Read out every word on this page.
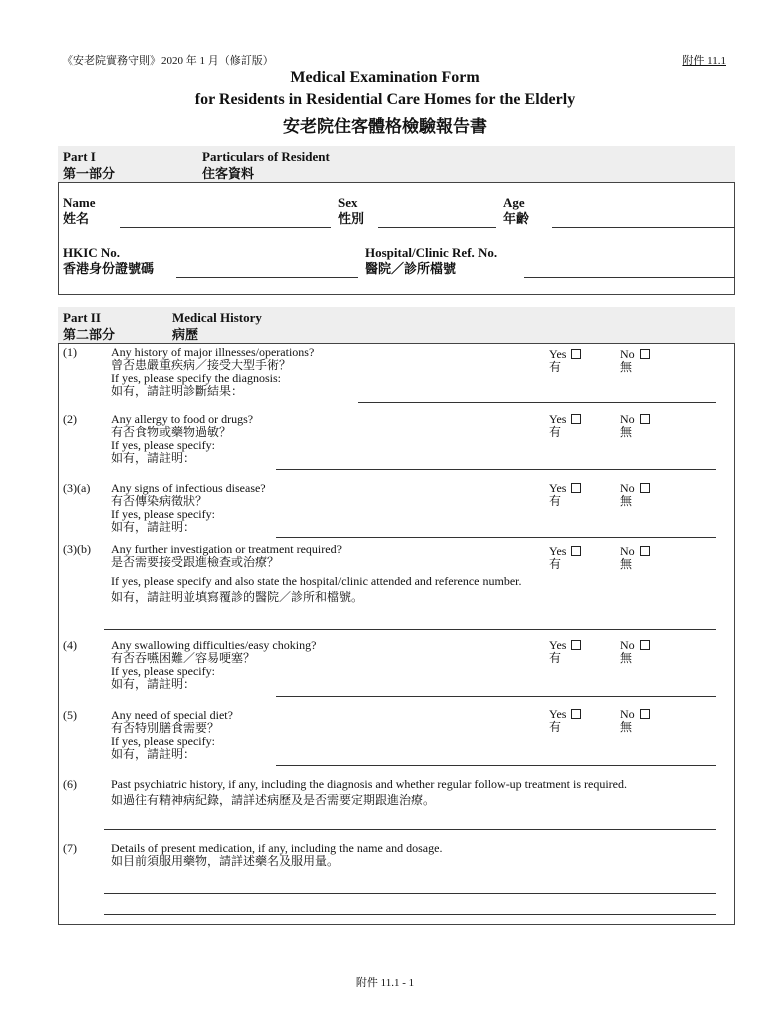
《安老院實務守則》2020 年 1 月（修訂版）	附件 11.1
Medical Examination Form
for Residents in Residential Care Homes for the Elderly
安老院住客體格檢驗報告書
Part I
第一部分
Particulars of Resident
住客資料
Name
姓名
Sex
性別
Age
年齡
HKIC No.
香港身份證號碼
Hospital/Clinic Ref. No.
醫院／診所檔號
Part II
第二部分
Medical History
病歷
(1)	Any history of major illnesses/operations?
曾否患嚴重疾病／接受大型手術？
If yes, please specify the diagnosis:
如有，請註明診斷結果：
Yes
有
No
無
(2)	Any allergy to food or drugs?
有否食物或藥物過敏？
If yes, please specify:
如有，請註明：
Yes
有
No
無
(3)(a) Any signs of infectious disease?
有否傳染病徵狀？
If yes, please specify:
如有，請註明：
Yes
有
No
無
(3)(b) Any further investigation or treatment required?
是否需要接受跟進檢查或治療？
If yes, please specify and also state the hospital/clinic attended and reference number.
如有，請註明並填寫覆診的醫院／診所和檔號。
Yes
有
No
無
(4)	Any swallowing difficulties/easy choking?
有否吞嚥困難／容易哽塞？
If yes, please specify:
如有，請註明：
Yes
有
No
無
(5)	Any need of special diet?
有否特別膳食需要？
If yes, please specify:
如有，請註明：
Yes
有
No
無
(6)	Past psychiatric history, if any, including the diagnosis and whether regular follow-up treatment is required.
如過往有精神病紀錄，請詳述病歷及是否需要定期跟進治療。
(7)	Details of present medication, if any, including the name and dosage.
如目前須服用藥物，請詳述藥名及服用量。
附件 11.1 - 1
